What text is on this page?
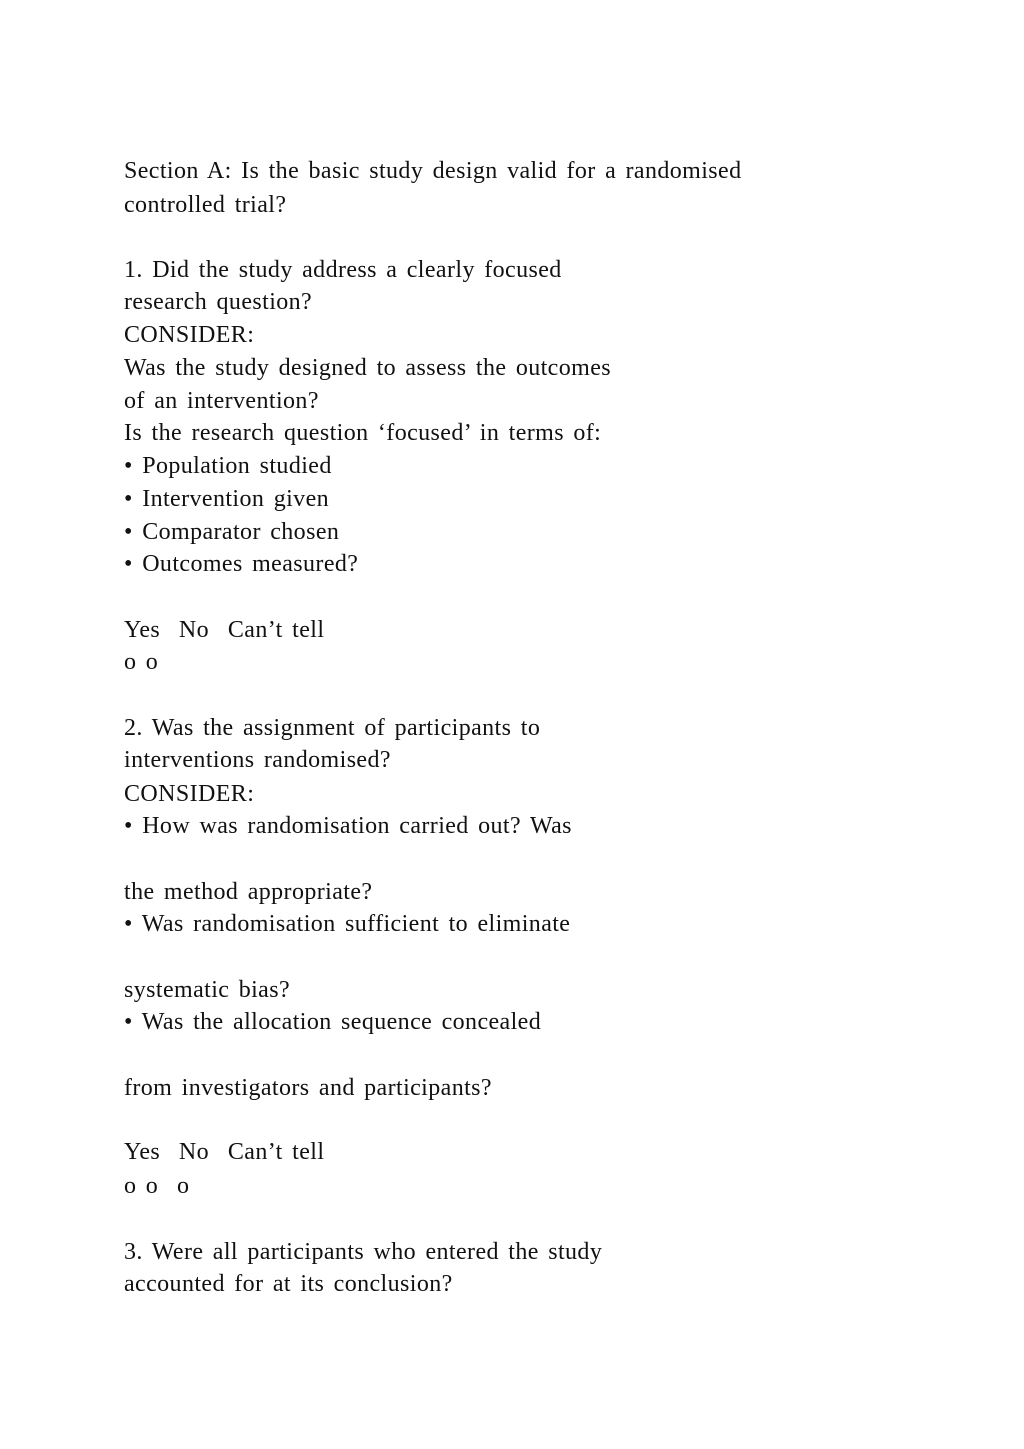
Section A: Is the basic study design valid for a randomised
controlled trial?
1. Did the study address a clearly focused
research question?
CONSIDER:
Was the study designed to assess the outcomes
of an intervention?
Is the research question ‘focused’ in terms of:
• Population studied
• Intervention given
• Comparator chosen
• Outcomes measured?
Yes  No  Can’t tell
o o
2. Was the assignment of participants to
interventions randomised?
CONSIDER:
• How was randomisation carried out? Was
the method appropriate?
• Was randomisation sufficient to eliminate
systematic bias?
• Was the allocation sequence concealed
from investigators and participants?
Yes  No  Can’t tell
o o  o
3. Were all participants who entered the study
accounted for at its conclusion?
